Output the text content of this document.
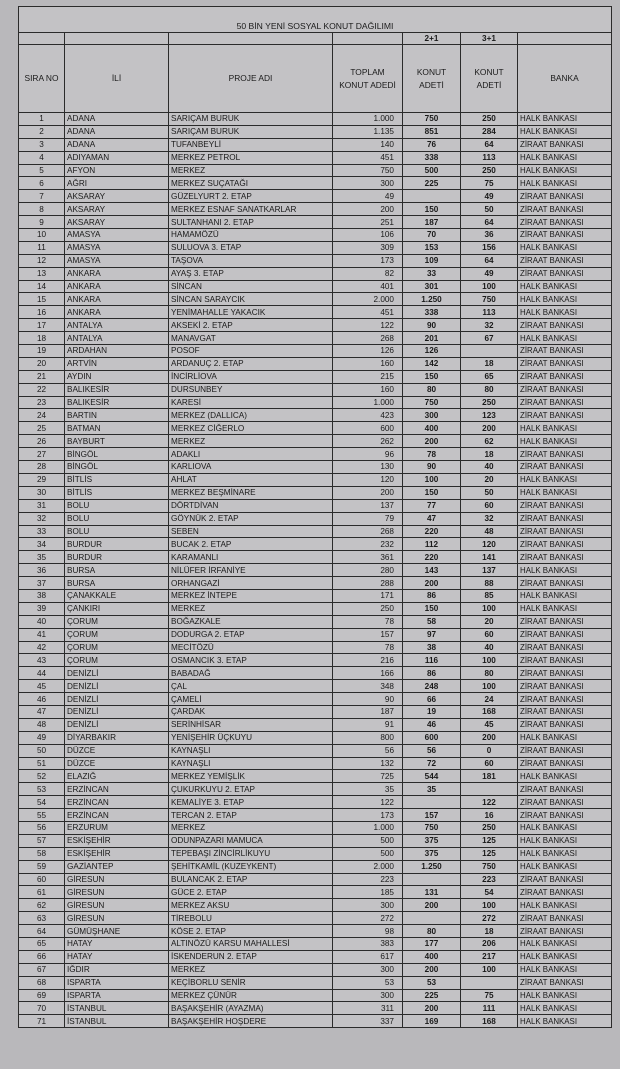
50 BİN YENİ SOSYAL KONUT DAĞILIMI						
				2+1	3+1	
SIRA NO	İLİ	PROJE ADI	TOPLAM KONUT ADEDİ	KONUT ADETİ	KONUT ADETİ	BANKA
1	ADANA	SARIÇAM BURUK	1.000	750	250	HALK BANKASI
2	ADANA	SARIÇAM BURUK	1.135	851	284	HALK BANKASI
3	ADANA	TUFANBEYLİ	140	76	64	ZİRAAT BANKASI
4	ADIYAMAN	MERKEZ PETROL	451	338	113	HALK BANKASI
5	AFYON	MERKEZ	750	500	250	HALK BANKASI
6	AĞRI	MERKEZ SUÇATAĞI	300	225	75	HALK BANKASI
7	AKSARAY	GÜZELYURT 2. ETAP	49		49	ZİRAAT BANKASI
8	AKSARAY	MERKEZ ESNAF SANATKARLAR	200	150	50	ZİRAAT BANKASI
9	AKSARAY	SULTANHANI 2. ETAP	251	187	64	ZİRAAT BANKASI
10	AMASYA	HAMAMÖZÜ	106	70	36	ZİRAAT BANKASI
11	AMASYA	SULUOVA 3. ETAP	309	153	156	HALK BANKASI
12	AMASYA	TAŞOVA	173	109	64	ZİRAAT BANKASI
13	ANKARA	AYAŞ 3. ETAP	82	33	49	ZİRAAT BANKASI
14	ANKARA	SİNCAN	401	301	100	HALK BANKASI
15	ANKARA	SİNCAN SARAYCIK	2.000	1.250	750	HALK BANKASI
16	ANKARA	YENİMAHALLE YAKACIK	451	338	113	HALK BANKASI
17	ANTALYA	AKSEKİ 2. ETAP	122	90	32	ZİRAAT BANKASI
18	ANTALYA	MANAVGAT	268	201	67	HALK BANKASI
19	ARDAHAN	POSOF	126	126		ZİRAAT BANKASI
20	ARTVİN	ARDANUÇ 2. ETAP	160	142	18	ZİRAAT BANKASI
21	AYDIN	İNCİRLİOVA	215	150	65	ZİRAAT BANKASI
22	BALIKESİR	DURSUNBEY	160	80	80	ZİRAAT BANKASI
23	BALIKESİR	KARESİ	1.000	750	250	ZİRAAT BANKASI
24	BARTIN	MERKEZ (DALLICA)	423	300	123	ZİRAAT BANKASI
25	BATMAN	MERKEZ CİĞERLO	600	400	200	HALK BANKASI
26	BAYBURT	MERKEZ	262	200	62	HALK BANKASI
27	BİNGÖL	ADAKLI	96	78	18	ZİRAAT BANKASI
28	BİNGÖL	KARLIOVA	130	90	40	ZİRAAT BANKASI
29	BİTLİS	AHLAT	120	100	20	HALK BANKASI
30	BİTLİS	MERKEZ BEŞMİNARE	200	150	50	HALK BANKASI
31	BOLU	DÖRTDİVAN	137	77	60	ZİRAAT BANKASI
32	BOLU	GÖYNÜK 2. ETAP	79	47	32	ZİRAAT BANKASI
33	BOLU	SEBEN	268	220	48	ZİRAAT BANKASI
34	BURDUR	BUCAK 2. ETAP	232	112	120	ZİRAAT BANKASI
35	BURDUR	KARAMANLI	361	220	141	ZİRAAT BANKASI
36	BURSA	NİLÜFER İRFANİYE	280	143	137	HALK BANKASI
37	BURSA	ORHANGAZİ	288	200	88	ZİRAAT BANKASI
38	ÇANAKKALE	MERKEZ İNTEPE	171	86	85	HALK BANKASI
39	ÇANKIRI	MERKEZ	250	150	100	HALK BANKASI
40	ÇORUM	BOĞAZKALE	78	58	20	ZİRAAT BANKASI
41	ÇORUM	DODURGA 2. ETAP	157	97	60	ZİRAAT BANKASI
42	ÇORUM	MECİTÖZÜ	78	38	40	ZİRAAT BANKASI
43	ÇORUM	OSMANCIK 3. ETAP	216	116	100	ZİRAAT BANKASI
44	DENİZLİ	BABADAĞ	166	86	80	ZİRAAT BANKASI
45	DENİZLİ	ÇAL	348	248	100	ZİRAAT BANKASI
46	DENİZLİ	ÇAMELİ	90	66	24	ZİRAAT BANKASI
47	DENİZLİ	ÇARDAK	187	19	168	ZİRAAT BANKASI
48	DENİZLİ	SERİNHİSAR	91	46	45	ZİRAAT BANKASI
49	DİYARBAKIR	YENİŞEHİR ÜÇKUYU	800	600	200	HALK BANKASI
50	DÜZCE	KAYNAŞLI	56	56	0	ZİRAAT BANKASI
51	DÜZCE	KAYNAŞLI	132	72	60	ZİRAAT BANKASI
52	ELAZIĞ	MERKEZ YEMİŞLİK	725	544	181	HALK BANKASI
53	ERZİNCAN	ÇUKURKUYU 2. ETAP	35	35		ZİRAAT BANKASI
54	ERZİNCAN	KEMALİYE 3. ETAP	122		122	ZİRAAT BANKASI
55	ERZİNCAN	TERCAN 2. ETAP	173	157	16	ZİRAAT BANKASI
56	ERZURUM	MERKEZ	1.000	750	250	HALK BANKASI
57	ESKİŞEHİR	ODUNPAZARI MAMUCA	500	375	125	HALK BANKASI
58	ESKİŞEHİR	TEPEBAŞI ZİNCİRLİKUYU	500	375	125	HALK BANKASI
59	GAZİANTEP	ŞEHİTKAMİL (KUZEYKENT)	2.000	1.250	750	HALK BANKASI
60	GİRESUN	BULANCAK 2. ETAP	223		223	ZİRAAT BANKASI
61	GİRESUN	GÜCE 2. ETAP	185	131	54	ZİRAAT BANKASI
62	GİRESUN	MERKEZ AKSU	300	200	100	HALK BANKASI
63	GİRESUN	TİREBOLU	272		272	ZİRAAT BANKASI
64	GÜMÜŞHANE	KÖSE 2. ETAP	98	80	18	ZİRAAT BANKASI
65	HATAY	ALTINÖZÜ KARSU MAHALLESİ	383	177	206	HALK BANKASI
66	HATAY	İSKENDERUN 2. ETAP	617	400	217	HALK BANKASI
67	IĞDIR	MERKEZ	300	200	100	HALK BANKASI
68	ISPARTA	KEÇİBORLU SENİR	53	53		ZİRAAT BANKASI
69	ISPARTA	MERKEZ ÇÜNÜR	300	225	75	HALK BANKASI
70	İSTANBUL	BAŞAKŞEHİR (AYAZMA)	311	200	111	HALK BANKASI
71	İSTANBUL	BAŞAKŞEHİR HOŞDERE	337	169	168	HALK BANKASI
